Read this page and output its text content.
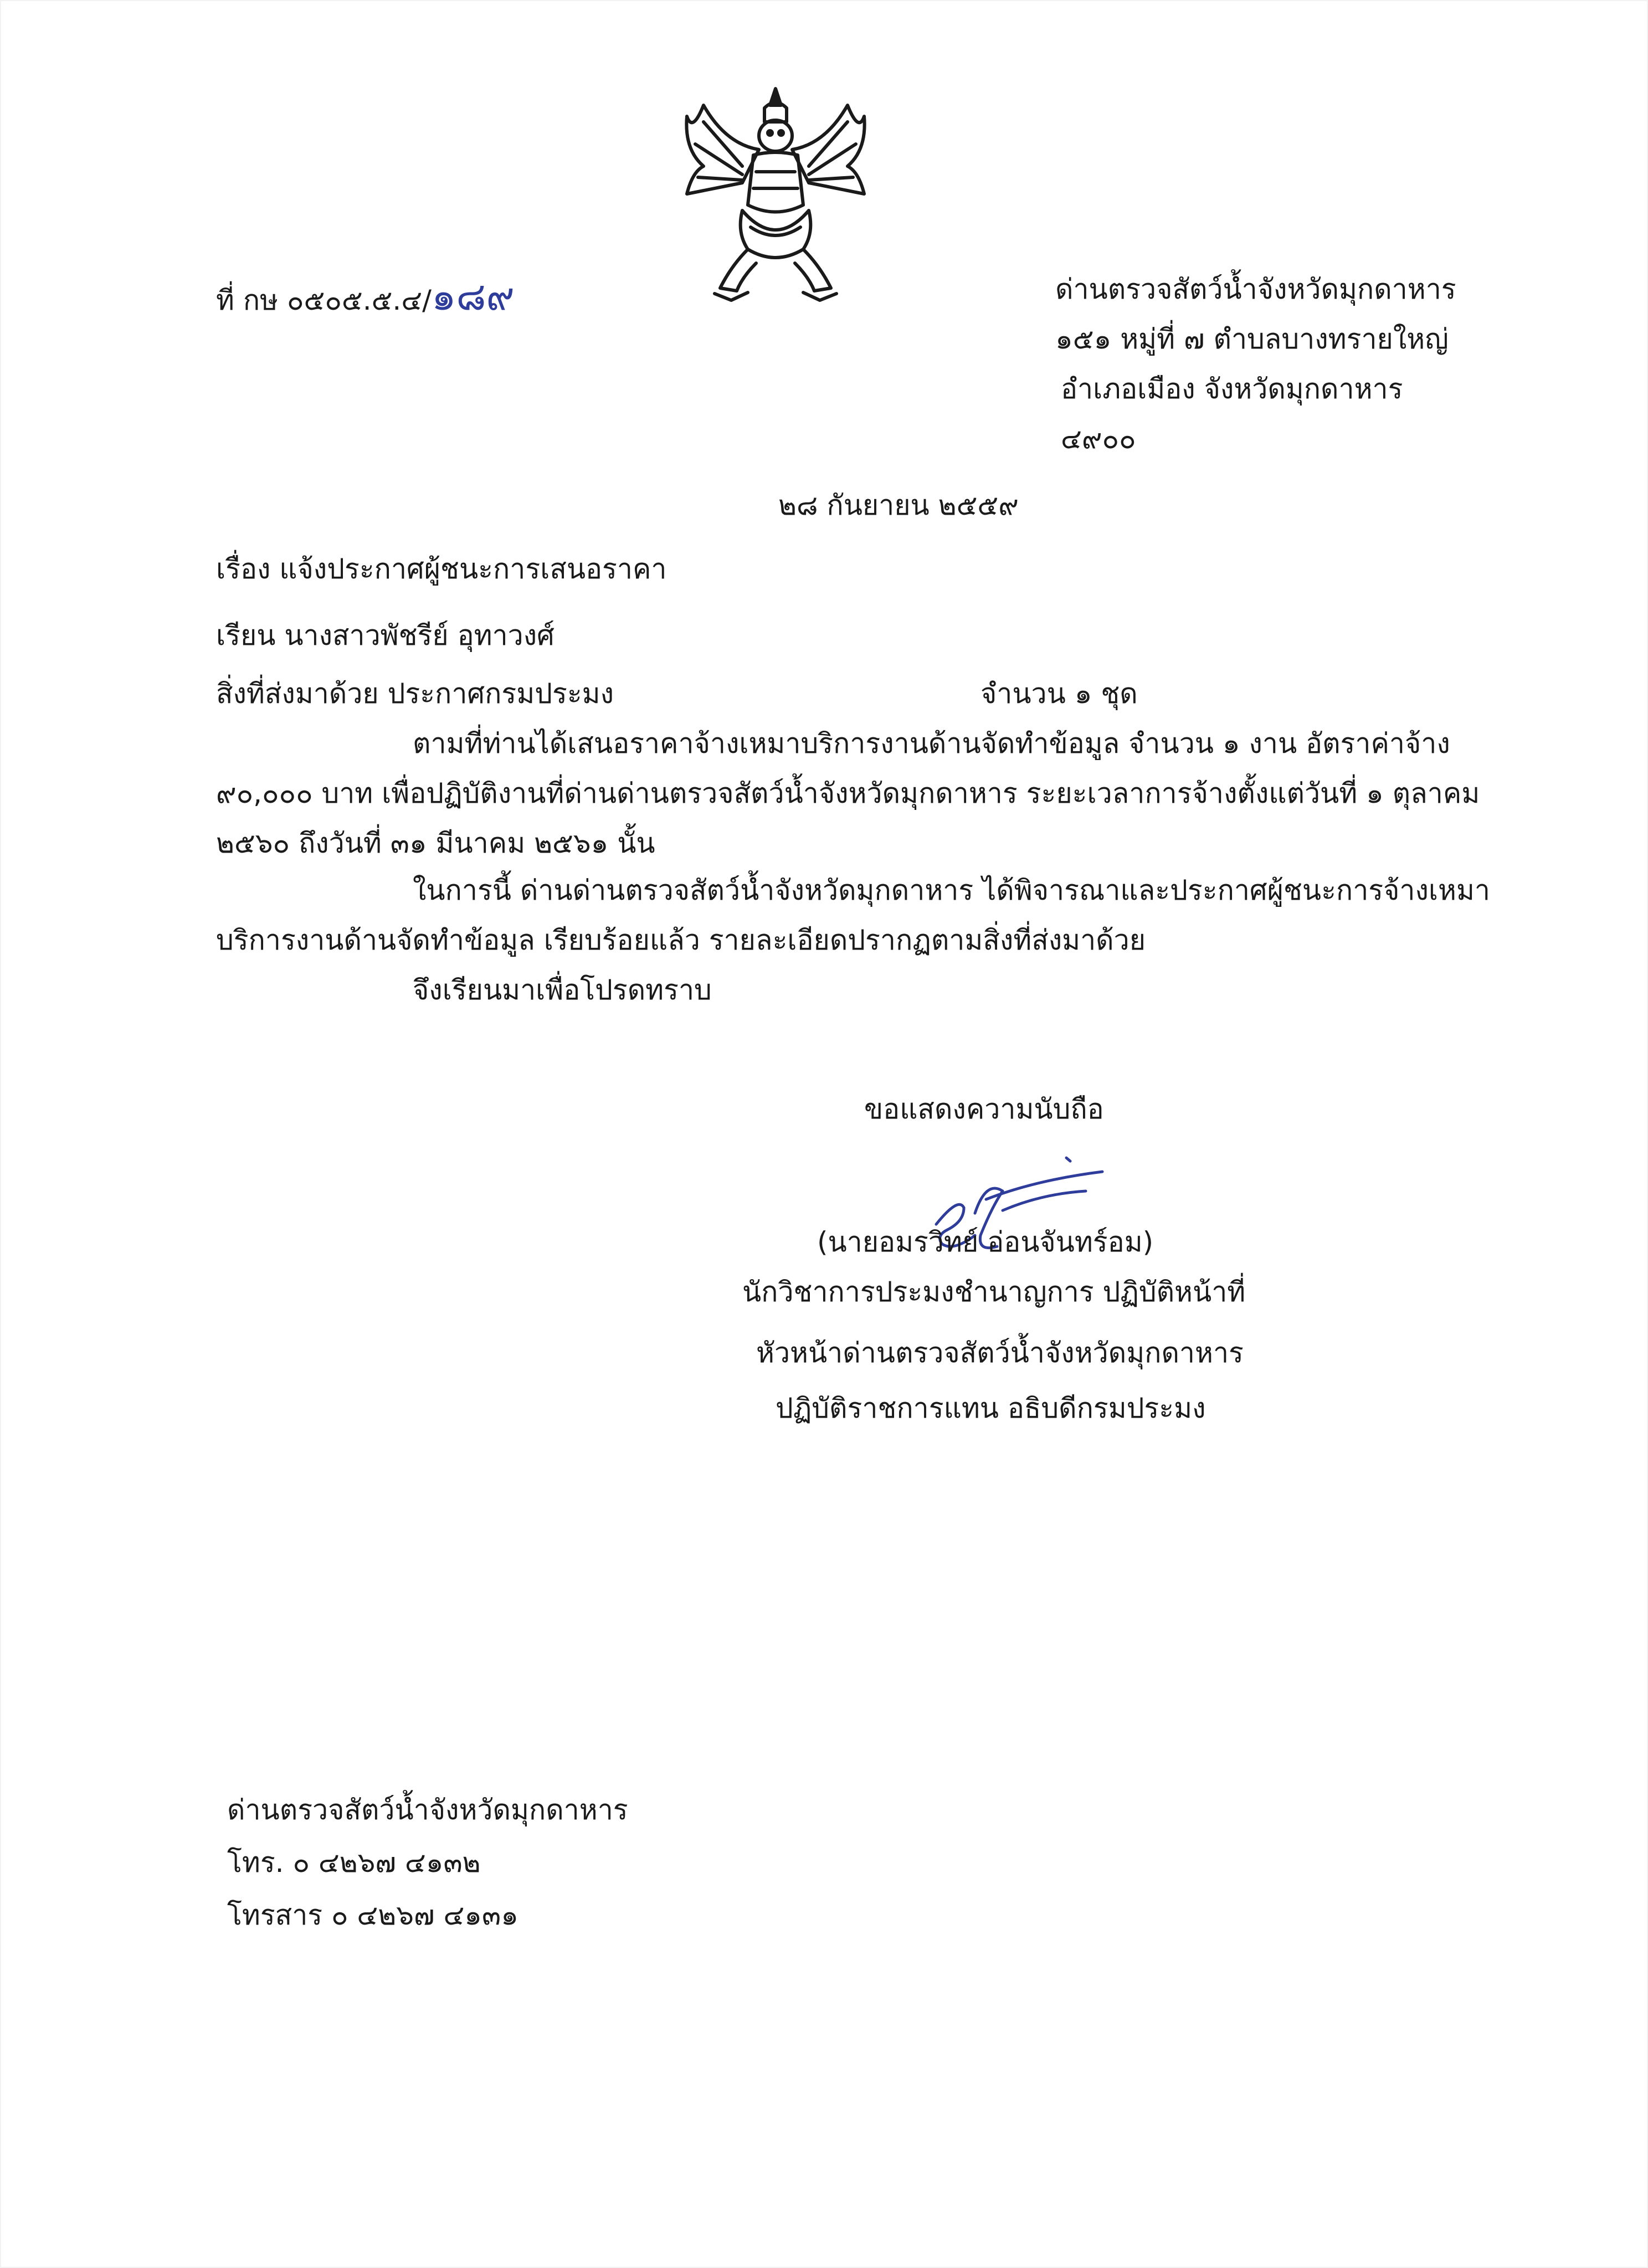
ที่ กษ ๐๕๐๕.๕.๔/๑๘๙	ด่านตรวจสัตว์น้ำจังหวัดมุกดาหาร
๑๕๑ หมู่ที่ ๗ ตำบลบางทรายใหญ่
อำเภอเมือง จังหวัดมุกดาหาร
๔๙๐๐
๒๘ กันยายน ๒๕๕๙
เรื่อง แจ้งประกาศผู้ชนะการเสนอราคา
เรียน นางสาวพัชรีย์ อุทาวงศ์
สิ่งที่ส่งมาด้วย ประกาศกรมประมง	จำนวน ๑ ชุด
ตามที่ท่านได้เสนอราคาจ้างเหมาบริการงานด้านจัดทำข้อมูล จำนวน ๑ งาน อัตราค่าจ้าง
๙๐,๐๐๐ บาท เพื่อปฏิบัติงานที่ด่านด่านตรวจสัตว์น้ำจังหวัดมุกดาหาร ระยะเวลาการจ้างตั้งแต่วันที่ ๑ ตุลาคม
๒๕๖๐ ถึงวันที่ ๓๑ มีนาคม ๒๕๖๑ นั้น
ในการนี้ ด่านด่านตรวจสัตว์น้ำจังหวัดมุกดาหาร ได้พิจารณาและประกาศผู้ชนะการจ้างเหมา
บริการงานด้านจัดทำข้อมูล เรียบร้อยแล้ว รายละเอียดปรากฏตามสิ่งที่ส่งมาด้วย
จึงเรียนมาเพื่อโปรดทราบ
ขอแสดงความนับถือ
(นายอมรวิทย์ อ่อนจันทร์อม)
นักวิชาการประมงชำนาญการ ปฏิบัติหน้าที่
หัวหน้าด่านตรวจสัตว์น้ำจังหวัดมุกดาหาร
ปฏิบัติราชการแทน อธิบดีกรมประมง
ด่านตรวจสัตว์น้ำจังหวัดมุกดาหาร
โทร. ๐ ๔๒๖๗ ๔๑๓๒
โทรสาร ๐ ๔๒๖๗ ๔๑๓๑
